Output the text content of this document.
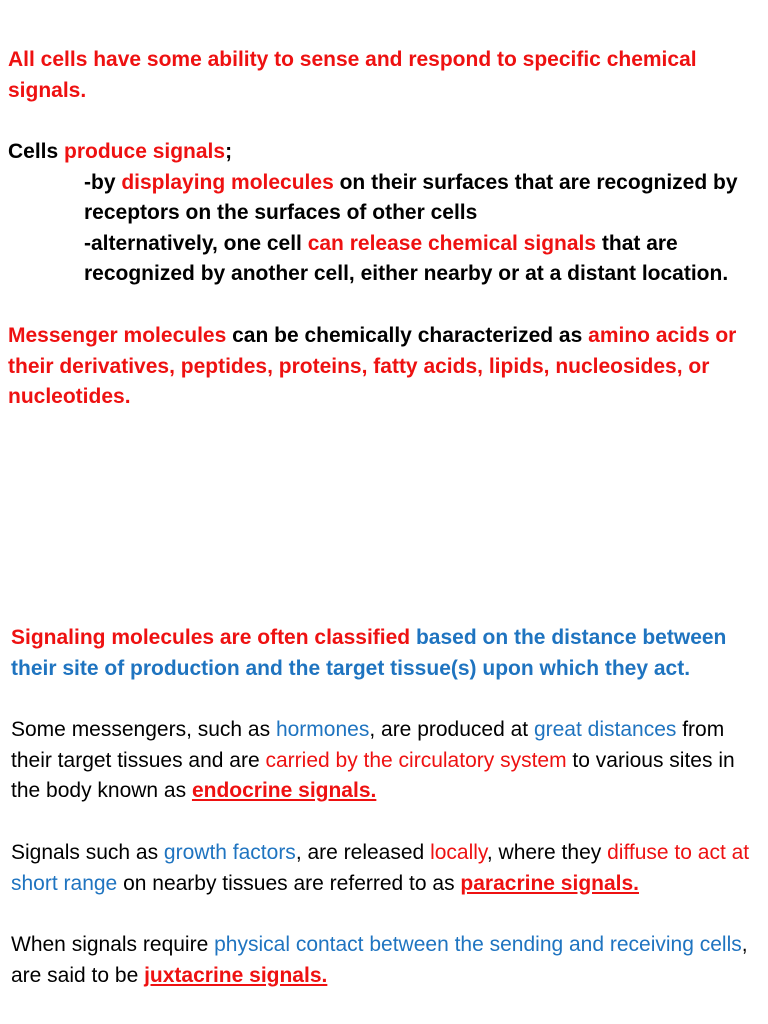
All cells have some ability to sense and respond to specific chemical signals.

Cells produce signals;
-by displaying molecules on their surfaces that are recognized by receptors on the surfaces of other cells
-alternatively, one cell can release chemical signals that are recognized by another cell, either nearby or at a distant location.

Messenger molecules can be chemically characterized as amino acids or their derivatives, peptides, proteins, fatty acids, lipids, nucleosides, or nucleotides.

Signaling molecules are often classified based on the distance between their site of production and the target tissue(s) upon which they act.

Some messengers, such as hormones, are produced at great distances from their target tissues and are carried by the circulatory system to various sites in the body known as endocrine signals.

Signals such as growth factors, are released locally, where they diffuse to act at short range on nearby tissues are referred to as paracrine signals.

When signals require physical contact between the sending and receiving cells, are said to be juxtacrine signals.
